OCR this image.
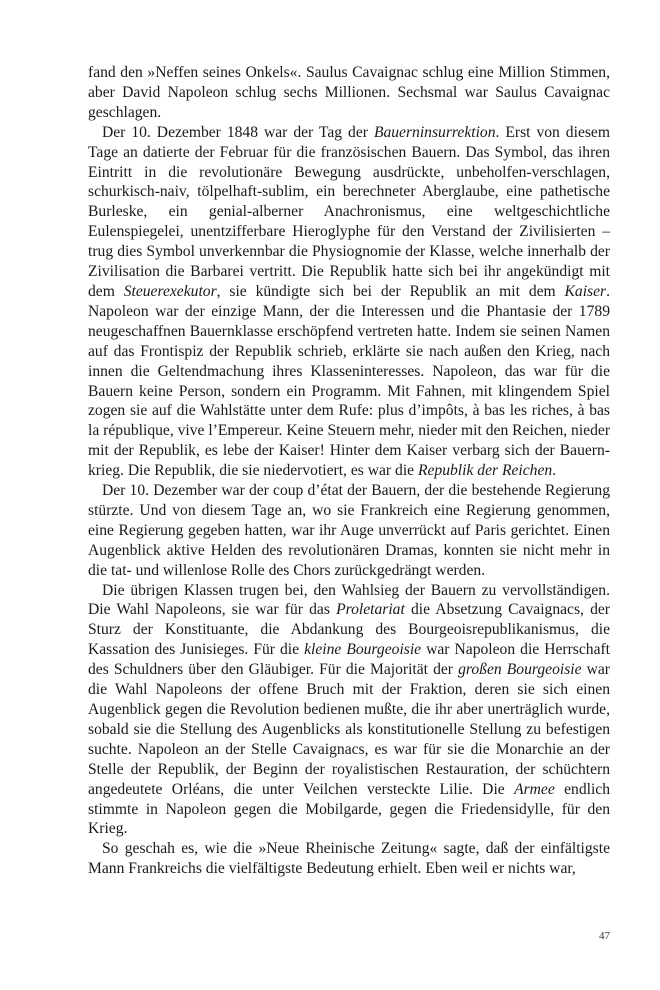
fand den »Neffen seines Onkels«. Saulus Cavaignac schlug eine Million Stimmen, aber David Napoleon schlug sechs Millionen. Sechsmal war Saulus Cavaignac geschlagen.

Der 10. Dezember 1848 war der Tag der Bauerninsurrektion. Erst von diesem Tage an datierte der Februar für die französischen Bauern. Das Symbol, das ihren Eintritt in die revolutionäre Bewegung ausdrückte, unbeholfen-verschlagen, schurkisch-naiv, tölpelhaft-sublim, ein berechneter Aberglaube, eine pathetische Burleske, ein genial-alberner Anachronismus, eine weltgeschichtliche Eulenspiegelei, unentzifferbare Hieroglyphe für den Verstand der Zivilisierten – trug dies Symbol unverkennbar die Physiognomie der Klasse, welche innerhalb der Zivilisation die Barbarei vertritt. Die Republik hatte sich bei ihr angekündigt mit dem Steuerexekutor, sie kündigte sich bei der Republik an mit dem Kaiser. Napoleon war der einzige Mann, der die Interessen und die Phantasie der 1789 neugeschaffnen Bauernklasse erschöpfend vertreten hatte. Indem sie seinen Namen auf das Frontispiz der Republik schrieb, erklärte sie nach außen den Krieg, nach innen die Geltendmachung ihres Klasseninteresses. Napoleon, das war für die Bauern keine Person, sondern ein Programm. Mit Fahnen, mit klingendem Spiel zogen sie auf die Wahlstätte unter dem Rufe: plus d’impôts, à bas les riches, à bas la république, vive l’Empereur. Keine Steuern mehr, nieder mit den Reichen, nieder mit der Republik, es lebe der Kaiser! Hinter dem Kaiser verbarg sich der Bauernkrieg. Die Republik, die sie niedervotiert, es war die Republik der Reichen.

Der 10. Dezember war der coup d’état der Bauern, der die bestehende Regierung stürzte. Und von diesem Tage an, wo sie Frankreich eine Regierung genommen, eine Regierung gegeben hatten, war ihr Auge unverrückt auf Paris gerichtet. Einen Augenblick aktive Helden des revolutionären Dramas, konnten sie nicht mehr in die tat- und willenlose Rolle des Chors zurückgedrängt werden.

Die übrigen Klassen trugen bei, den Wahlsieg der Bauern zu vervollständigen. Die Wahl Napoleons, sie war für das Proletariat die Absetzung Cavaignacs, der Sturz der Konstituante, die Abdankung des Bourgeoisrepublikanismus, die Kassation des Junisieges. Für die kleine Bourgeoisie war Napoleon die Herrschaft des Schuldners über den Gläubiger. Für die Majorität der großen Bourgeoisie war die Wahl Napoleons der offene Bruch mit der Fraktion, deren sie sich einen Augenblick gegen die Revolution bedienen mußte, die ihr aber unerträglich wurde, sobald sie die Stellung des Augenblicks als konstitutionelle Stellung zu befestigen suchte. Napoleon an der Stelle Cavaignacs, es war für sie die Monarchie an der Stelle der Republik, der Beginn der royalistischen Restauration, der schüchtern angedeutete Orléans, die unter Veilchen versteckte Lilie. Die Armee endlich stimmte in Napoleon gegen die Mobilgarde, gegen die Friedensidylle, für den Krieg.

So geschah es, wie die »Neue Rheinische Zeitung« sagte, daß der einfältigste Mann Frankreichs die vielfältigste Bedeutung erhielt. Eben weil er nichts war,

47
